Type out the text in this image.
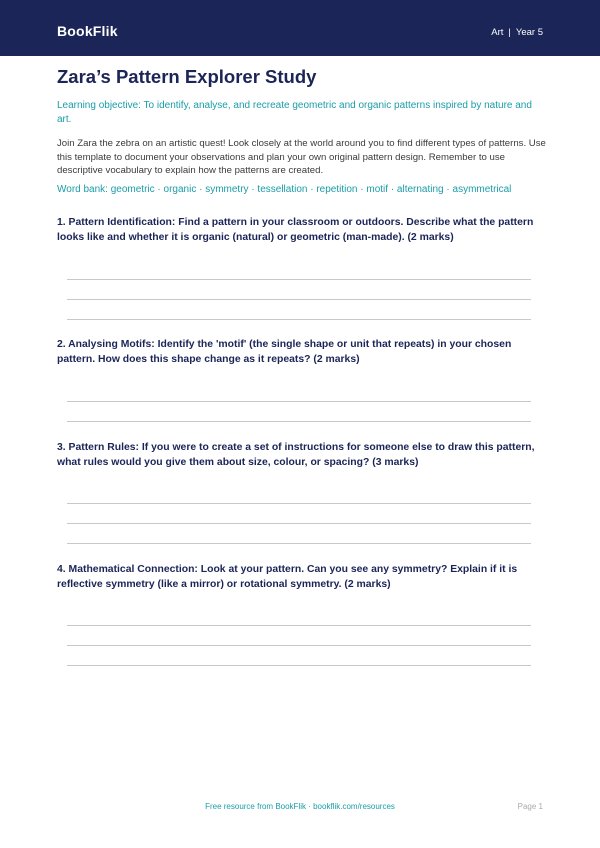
BookFlik	Art | Year 5
Zara’s Pattern Explorer Study
Learning objective: To identify, analyse, and recreate geometric and organic patterns inspired by nature and art.
Join Zara the zebra on an artistic quest! Look closely at the world around you to find different types of patterns. Use this template to document your observations and plan your own original pattern design. Remember to use descriptive vocabulary to explain how the patterns are created.
Word bank: geometric · organic · symmetry · tessellation · repetition · motif · alternating · asymmetrical
1. Pattern Identification: Find a pattern in your classroom or outdoors. Describe what the pattern looks like and whether it is organic (natural) or geometric (man-made). (2 marks)
2. Analysing Motifs: Identify the 'motif' (the single shape or unit that repeats) in your chosen pattern. How does this shape change as it repeats? (2 marks)
3. Pattern Rules: If you were to create a set of instructions for someone else to draw this pattern, what rules would you give them about size, colour, or spacing? (3 marks)
4. Mathematical Connection: Look at your pattern. Can you see any symmetry? Explain if it is reflective symmetry (like a mirror) or rotational symmetry. (2 marks)
Free resource from BookFlik · bookflik.com/resources	Page 1
